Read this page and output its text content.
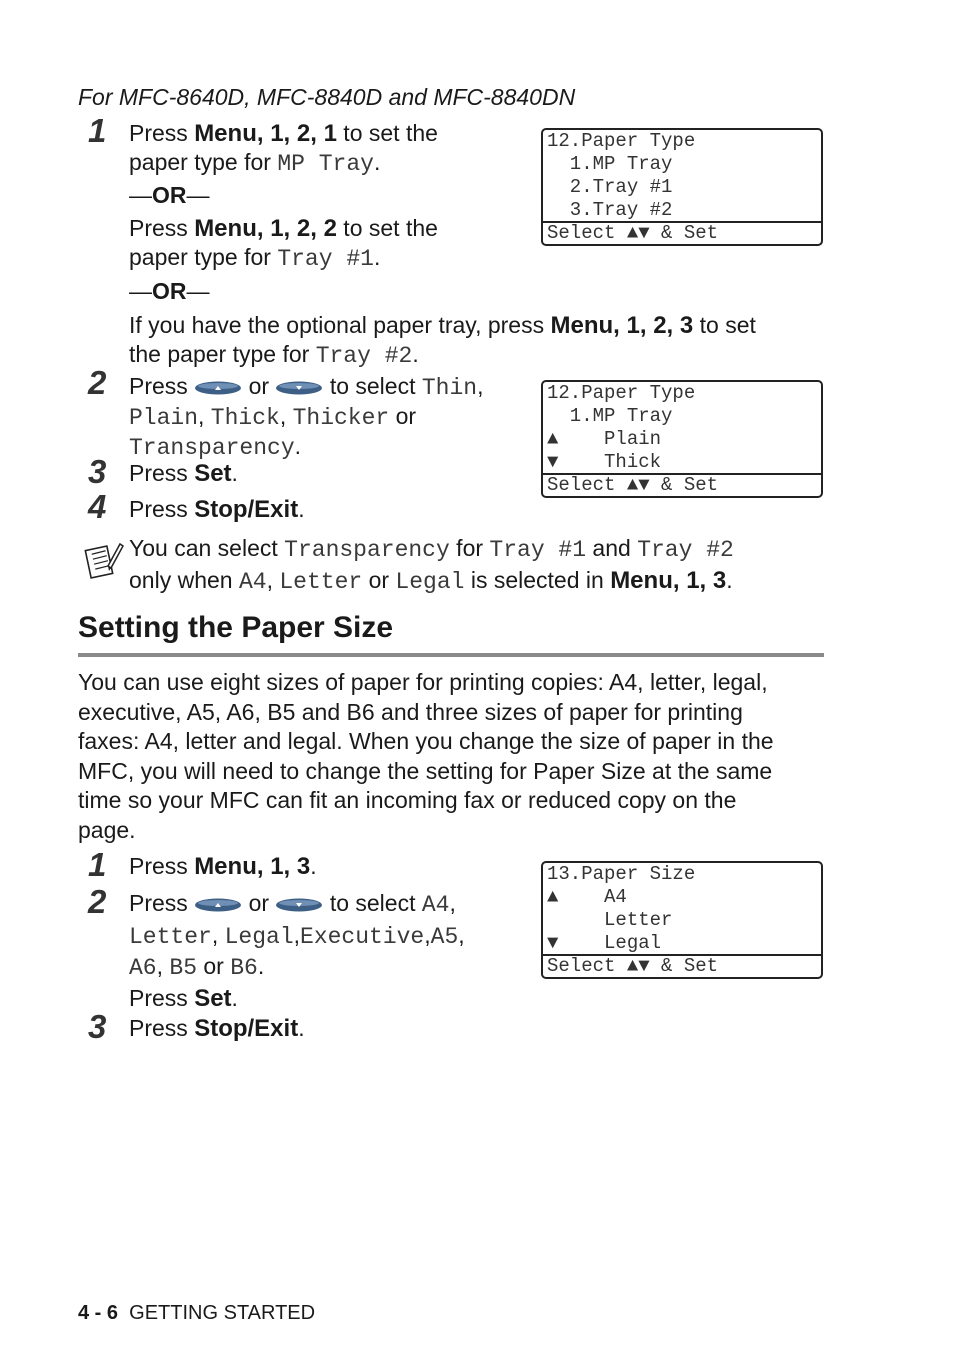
For MFC-8640D, MFC-8840D and MFC-8840DN
1 Press Menu, 1, 2, 1 to set the
paper type for MP Tray.
—OR—
Press Menu, 1, 2, 2 to set the
paper type for Tray #1.
—OR—
If you have the optional paper tray, press Menu, 1, 2, 3 to set
the paper type for Tray #2.
12.Paper Type
1.MP Tray
2.Tray #1
3.Tray #2
Select ▲▼ & Set
2 Press	or	to select Thin,
Plain, Thick, Thicker or
Transparency.
12.Paper Type
1.MP Tray
▲    Plain
▼    Thick
Select ▲▼ & Set
3 Press Set.
4 Press Stop/Exit.
You can select Transparency for Tray #1 and Tray #2
only when A4, Letter or Legal is selected in Menu, 1, 3.
Setting the Paper Size
You can use eight sizes of paper for printing copies: A4, letter, legal,
executive, A5, A6, B5 and B6 and three sizes of paper for printing
faxes: A4, letter and legal. When you change the size of paper in the
MFC, you will need to change the setting for Paper Size at the same
time so your MFC can fit an incoming fax or reduced copy on the
page.
1 Press Menu, 1, 3.
2 Press	or	to select A4,
Letter, Legal,Executive,A5,
A6, B5 or B6.
Press Set.
13.Paper Size
▲    A4
Letter
▼    Legal
Select ▲▼ & Set
3 Press Stop/Exit.
4 - 6 GETTING STARTED
